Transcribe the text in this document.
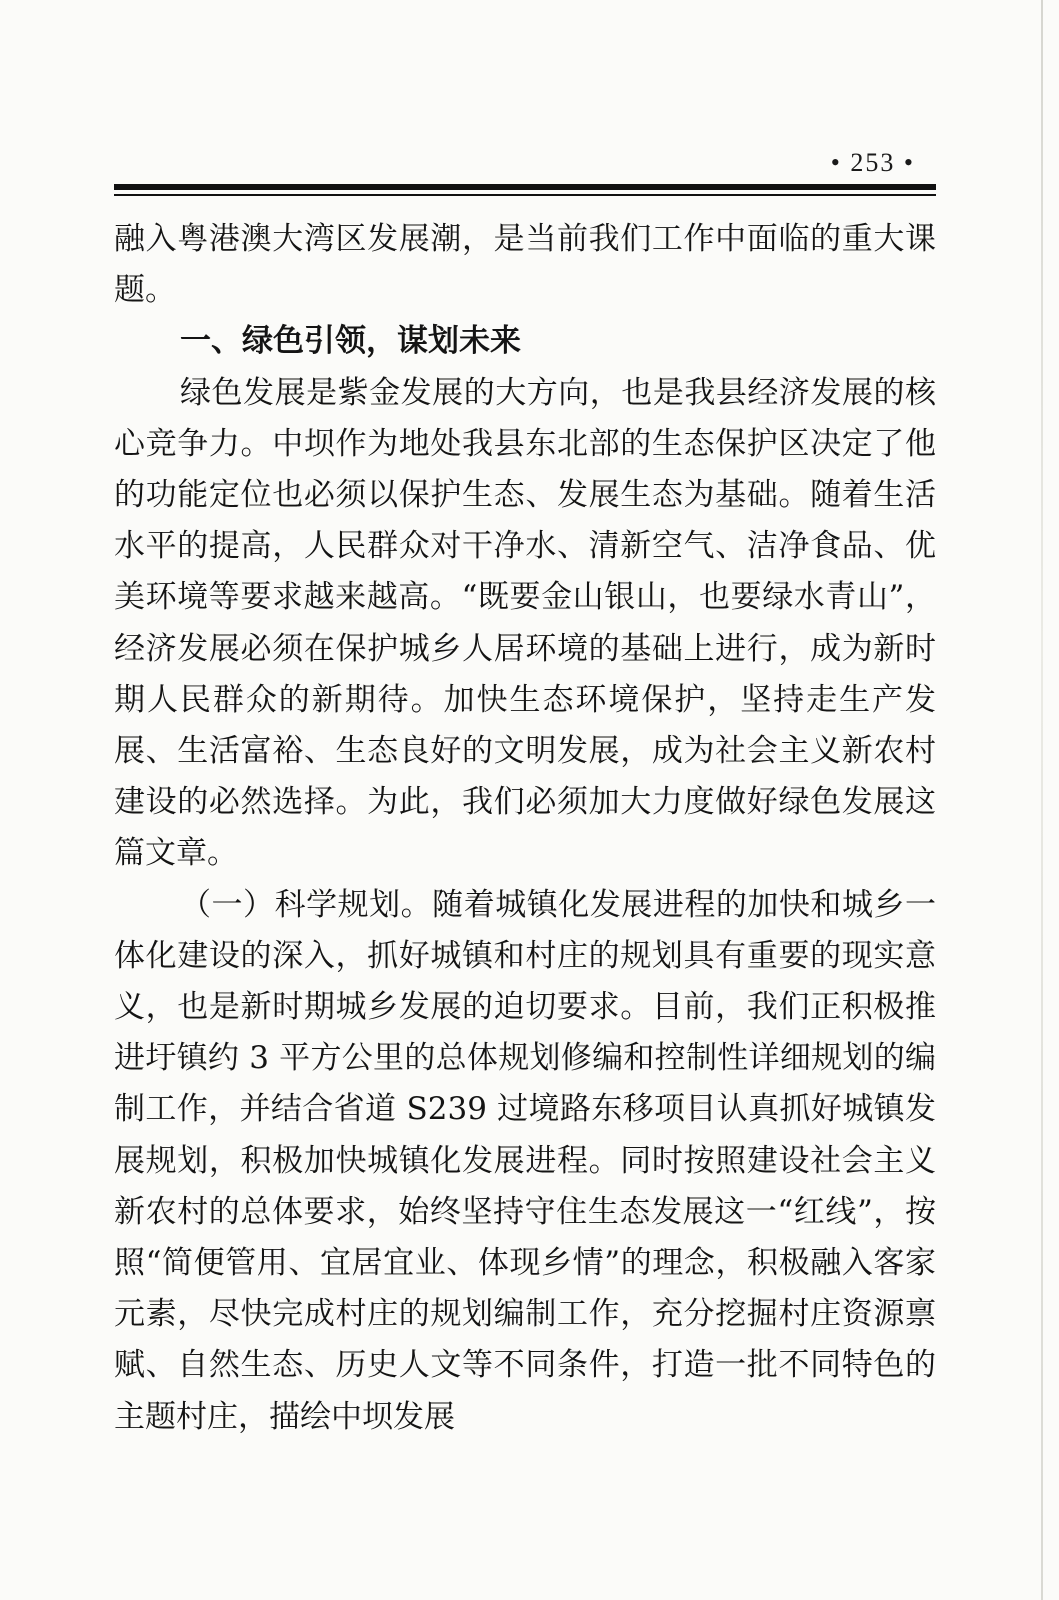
• 253 •

融入粤港澳大湾区发展潮，是当前我们工作中面临的重大课题。

一、绿色引领，谋划未来

绿色发展是紫金发展的大方向，也是我县经济发展的核心竞争力。中坝作为地处我县东北部的生态保护区决定了他的功能定位也必须以保护生态、发展生态为基础。随着生活水平的提高，人民群众对干净水、清新空气、洁净食品、优美环境等要求越来越高。“既要金山银山，也要绿水青山”，经济发展必须在保护城乡人居环境的基础上进行，成为新时期人民群众的新期待。加快生态环境保护，坚持走生产发展、生活富裕、生态良好的文明发展，成为社会主义新农村建设的必然选择。为此，我们必须加大力度做好绿色发展这篇文章。

（一）科学规划。随着城镇化发展进程的加快和城乡一体化建设的深入，抓好城镇和村庄的规划具有重要的现实意义，也是新时期城乡发展的迫切要求。目前，我们正积极推进圩镇约 3 平方公里的总体规划修编和控制性详细规划的编制工作，并结合省道 S239 过境路东移项目认真抓好城镇发展规划，积极加快城镇化发展进程。同时按照建设社会主义新农村的总体要求，始终坚持守住生态发展这一“红线”，按照“简便管用、宜居宜业、体现乡情”的理念，积极融入客家元素，尽快完成村庄的规划编制工作，充分挖掘村庄资源禀赋、自然生态、历史人文等不同条件，打造一批不同特色的主题村庄，描绘中坝发展
